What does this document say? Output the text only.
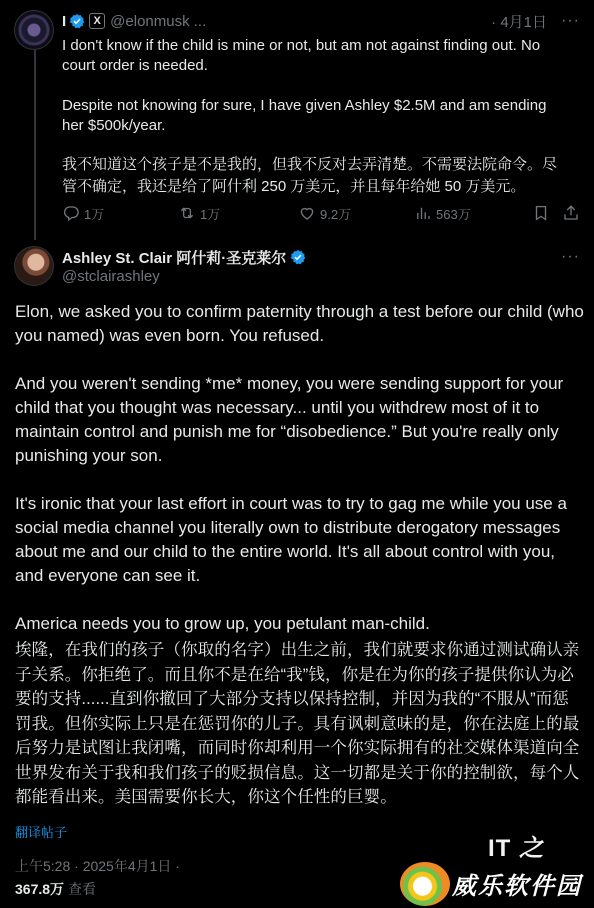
I	X @elonmusk ...	· 4月1日 ···

I don't know if the child is mine or not, but am not against finding out. No court order is needed.

Despite not knowing for sure, I have given Ashley $2.5M and am sending her $500k/year.

我不知道这个孩子是不是我的，但我不反对去弄清楚。不需要法院命令。尽管不确定，我还是给了阿什利 250 万美元，并且每年给她 50 万美元。

1万	1万	9.2万	563万
Ashley St. Clair 阿什莉·圣克莱尔
@stclairashley
···

Elon, we asked you to confirm paternity through a test before our child (who you named) was even born. You refused.

And you weren't sending *me* money, you were sending support for your child that you thought was necessary... until you withdrew most of it to maintain control and punish me for “disobedience.” But you're really only punishing your son.

It's ironic that your last effort in court was to try to gag me while you use a social media channel you literally own to distribute derogatory messages about me and our child to the entire world. It's all about control with you, and everyone can see it.

America needs you to grow up, you petulant man-child.

埃隆，在我们的孩子（你取的名字）出生之前，我们就要求你通过测试确认亲子关系。你拒绝了。而且你不是在给“我”钱，你是在为你的孩子提供你认为必要的支持......直到你撤回了大部分支持以保持控制，并因为我的“不服从”而惩罚我。但你实际上只是在惩罚你的儿子。具有讽刺意味的是，你在法庭上的最后努力是试图让我闭嘴，而同时你却利用一个你实际拥有的社交媒体渠道向全世界发布关于我和我们孩子的贬损信息。这一切都是关于你的控制欲，每个人都能看出来。美国需要你长大，你这个任性的巨婴。

翻译帖子
上午5:28 · 2025年4月1日 ·
367.8万 查看
IT 之
威乐软件园
